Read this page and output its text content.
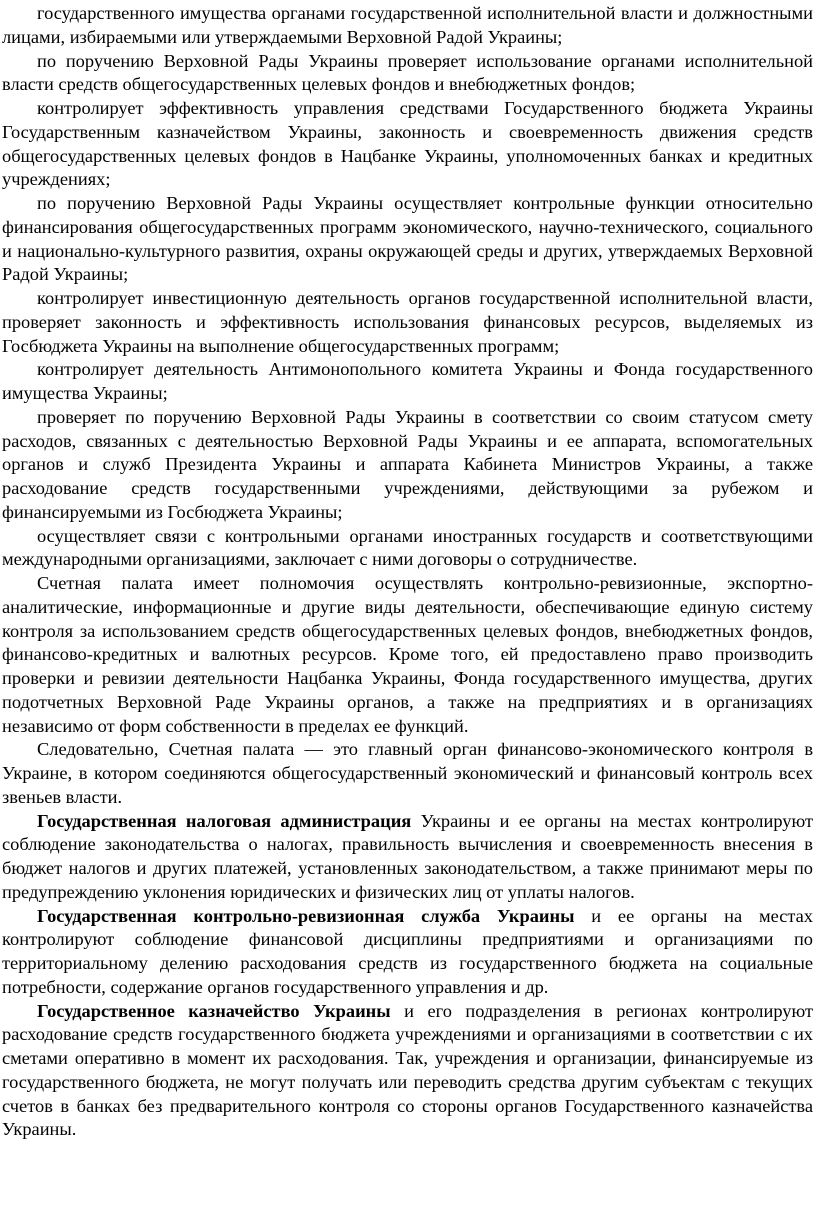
государственного имущества органами государственной исполнительной власти и должностными лицами, избираемыми или утверждаемыми Верховной Радой Украины;

по поручению Верховной Рады Украины проверяет использование органами исполнительной власти средств общегосударственных целевых фондов и внебюджетных фондов;

контролирует эффективность управления средствами Государственного бюджета Украины Государственным казначейством Украины, законность и своевременность движения средств общегосударственных целевых фондов в Нацбанке Украины, уполномоченных банках и кредитных учреждениях;

по поручению Верховной Рады Украины осуществляет контрольные функции относительно финансирования общегосударственных программ экономического, научно-технического, социального и национально-культурного развития, охраны окружающей среды и других, утверждаемых Верховной Радой Украины;

контролирует инвестиционную деятельность органов государственной исполнительной власти, проверяет законность и эффективность использования финансовых ресурсов, выделяемых из Госбюджета Украины на выполнение общегосударственных программ;

контролирует деятельность Антимонопольного комитета Украины и Фонда государственного имущества Украины;

проверяет по поручению Верховной Рады Украины в соответствии со своим статусом смету расходов, связанных с деятельностью Верховной Рады Украины и ее аппарата, вспомогательных органов и служб Президента Украины и аппарата Кабинета Министров Украины, а также расходование средств государственными учреждениями, действующими за рубежом и финансируемыми из Госбюджета Украины;

осуществляет связи с контрольными органами иностранных государств и соответствующими международными организациями, заключает с ними договоры о сотрудничестве.

Счетная палата имеет полномочия осуществлять контрольно-ревизионные, экспортно-аналитические, информационные и другие виды деятельности, обеспечивающие единую систему контроля за использованием средств общегосударственных целевых фондов, внебюджетных фондов, финансово-кредитных и валютных ресурсов. Кроме того, ей предоставлено право производить проверки и ревизии деятельности Нацбанка Украины, Фонда государственного имущества, других подотчетных Верховной Раде Украины органов, а также на предприятиях и в организациях независимо от форм собственности в пределах ее функций.

Следовательно, Счетная палата — это главный орган финансово-экономического контроля в Украине, в котором соединяются общегосударственный экономический и финансовый контроль всех звеньев власти.

Государственная налоговая администрация Украины и ее органы на местах контролируют соблюдение законодательства о налогах, правильность вычисления и своевременность внесения в бюджет налогов и других платежей, установленных законодательством, а также принимают меры по предупреждению уклонения юридических и физических лиц от уплаты налогов.

Государственная контрольно-ревизионная служба Украины и ее органы на местах контролируют соблюдение финансовой дисциплины предприятиями и организациями по территориальному делению расходования средств из государственного бюджета на социальные потребности, содержание органов государственного управления и др.

Государственное казначейство Украины и его подразделения в регионах контролируют расходование средств государственного бюджета учреждениями и организациями в соответствии с их сметами оперативно в момент их расходования. Так, учреждения и организации, финансируемые из государственного бюджета, не могут получать или переводить средства другим субъектам с текущих счетов в банках без предварительного контроля со стороны органов Государственного казначейства Украины.
